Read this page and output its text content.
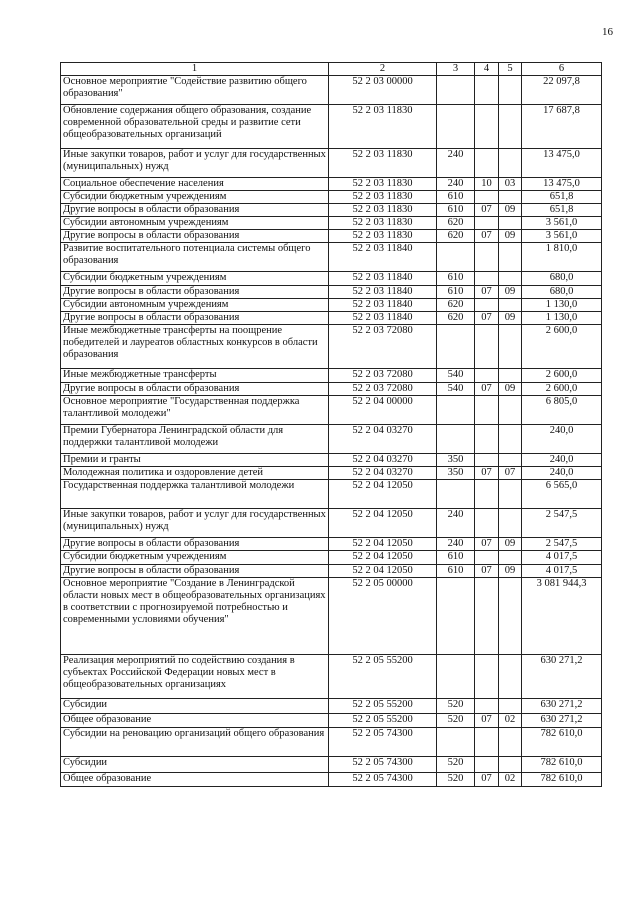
16
1	2	3	4	5	6
Основное мероприятие "Содействие развитию общего образования"	52 2 03 00000				22 097,8
Обновление содержания общего образования, создание современной образовательной среды и развитие сети общеобразовательных организаций	52 2 03 11830				17 687,8
Иные закупки товаров, работ и услуг для государственных (муниципальных) нужд	52 2 03 11830	240			13 475,0
Социальное обеспечение населения	52 2 03 11830	240	10	03	13 475,0
Субсидии бюджетным учреждениям	52 2 03 11830	610			651,8
Другие вопросы в области образования	52 2 03 11830	610	07	09	651,8
Субсидии автономным учреждениям	52 2 03 11830	620			3 561,0
Другие вопросы в области образования	52 2 03 11830	620	07	09	3 561,0
Развитие воспитательного потенциала системы общего образования	52 2 03 11840				1 810,0
Субсидии бюджетным учреждениям	52 2 03 11840	610			680,0
Другие вопросы в области образования	52 2 03 11840	610	07	09	680,0
Субсидии автономным учреждениям	52 2 03 11840	620			1 130,0
Другие вопросы в области образования	52 2 03 11840	620	07	09	1 130,0
Иные межбюджетные трансферты на поощрение победителей и лауреатов областных конкурсов в области образования	52 2 03 72080				2 600,0
Иные межбюджетные трансферты	52 2 03 72080	540			2 600,0
Другие вопросы в области образования	52 2 03 72080	540	07	09	2 600,0
Основное мероприятие "Государственная поддержка талантливой молодежи"	52 2 04 00000				6 805,0
Премии Губернатора Ленинградской области для поддержки талантливой молодежи	52 2 04 03270				240,0
Премии и гранты	52 2 04 03270	350			240,0
Молодежная политика и оздоровление детей	52 2 04 03270	350	07	07	240,0
Государственная поддержка талантливой молодежи	52 2 04 12050				6 565,0
Иные закупки товаров, работ и услуг для государственных (муниципальных) нужд	52 2 04 12050	240			2 547,5
Другие вопросы в области образования	52 2 04 12050	240	07	09	2 547,5
Субсидии бюджетным учреждениям	52 2 04 12050	610			4 017,5
Другие вопросы в области образования	52 2 04 12050	610	07	09	4 017,5
Основное мероприятие "Создание в Ленинградской области новых мест в общеобразовательных организациях в соответствии с прогнозируемой потребностью и современными условиями обучения"	52 2 05 00000				3 081 944,3
Реализация мероприятий по содействию создания в субъектах Российской Федерации новых мест в общеобразовательных организациях	52 2 05 55200				630 271,2
Субсидии	52 2 05 55200	520			630 271,2
Общее образование	52 2 05 55200	520	07	02	630 271,2
Субсидии на реновацию организаций общего образования	52 2 05 74300				782 610,0
Субсидии	52 2 05 74300	520			782 610,0
Общее образование	52 2 05 74300	520	07	02	782 610,0
